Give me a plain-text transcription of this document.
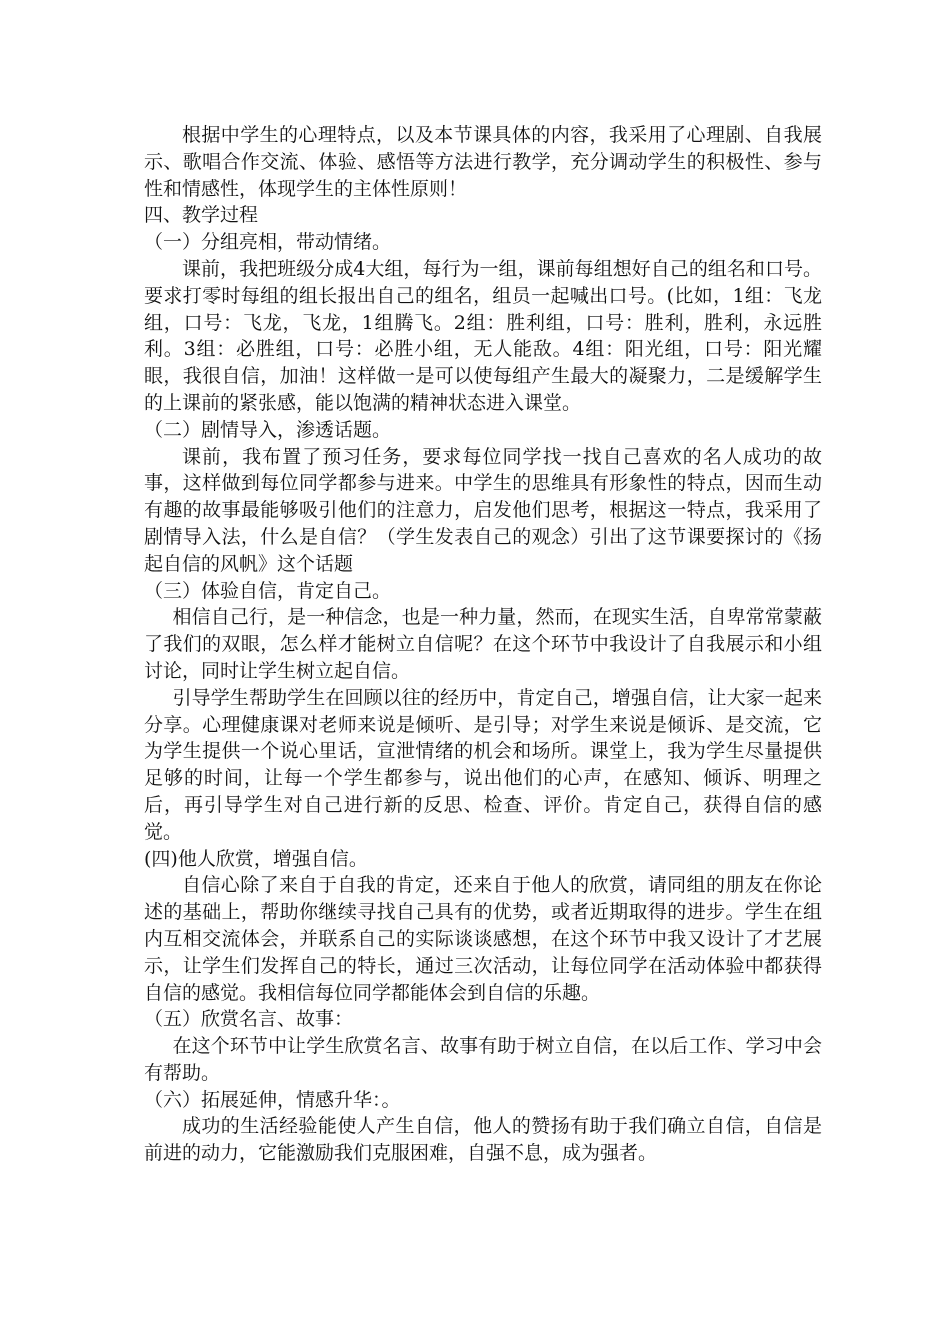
根据中学生的心理特点，以及本节课具体的内容，我采用了心理剧、自我展示、歌唱合作交流、体验、感悟等方法进行教学，充分调动学生的积极性、参与性和情感性，体现学生的主体性原则！

四、教学过程

（一）分组亮相，带动情绪。

课前，我把班级分成4大组，每行为一组，课前每组想好自己的组名和口号。要求打零时每组的组长报出自己的组名，组员一起喊出口号。(比如，1组：飞龙组，口号：飞龙，飞龙，1组腾飞。2组：胜利组，口号：胜利，胜利，永远胜利。3组：必胜组，口号：必胜小组，无人能敌。4组：阳光组，口号：阳光耀眼，我很自信，加油！这样做一是可以使每组产生最大的凝聚力，二是缓解学生的上课前的紧张感，能以饱满的精神状态进入课堂。

（二）剧情导入，渗透话题。

课前，我布置了预习任务，要求每位同学找一找自己喜欢的名人成功的故事，这样做到每位同学都参与进来。中学生的思维具有形象性的特点，因而生动有趣的故事最能够吸引他们的注意力，启发他们思考，根据这一特点，我采用了剧情导入法，什么是自信？（学生发表自己的观念）引出了这节课要探讨的《扬起自信的风帆》这个话题

（三）体验自信，肯定自己。

相信自己行，是一种信念，也是一种力量，然而，在现实生活，自卑常常蒙蔽了我们的双眼，怎么样才能树立自信呢？在这个环节中我设计了自我展示和小组讨论，同时让学生树立起自信。

引导学生帮助学生在回顾以往的经历中，肯定自己，增强自信，让大家一起来分享。心理健康课对老师来说是倾听、是引导；对学生来说是倾诉、是交流，它为学生提供一个说心里话，宣泄情绪的机会和场所。课堂上，我为学生尽量提供足够的时间，让每一个学生都参与，说出他们的心声，在感知、倾诉、明理之后，再引导学生对自己进行新的反思、检查、评价。肯定自己，获得自信的感觉。

(四)他人欣赏，增强自信。

自信心除了来自于自我的肯定，还来自于他人的欣赏，请同组的朋友在你论述的基础上，帮助你继续寻找自己具有的优势，或者近期取得的进步。学生在组内互相交流体会，并联系自己的实际谈谈感想，在这个环节中我又设计了才艺展示，让学生们发挥自己的特长，通过三次活动，让每位同学在活动体验中都获得自信的感觉。我相信每位同学都能体会到自信的乐趣。

（五）欣赏名言、故事：

在这个环节中让学生欣赏名言、故事有助于树立自信，在以后工作、学习中会有帮助。

（六）拓展延伸，情感升华：。

成功的生活经验能使人产生自信，他人的赞扬有助于我们确立自信，自信是前进的动力，它能激励我们克服困难，自强不息，成为强者。
